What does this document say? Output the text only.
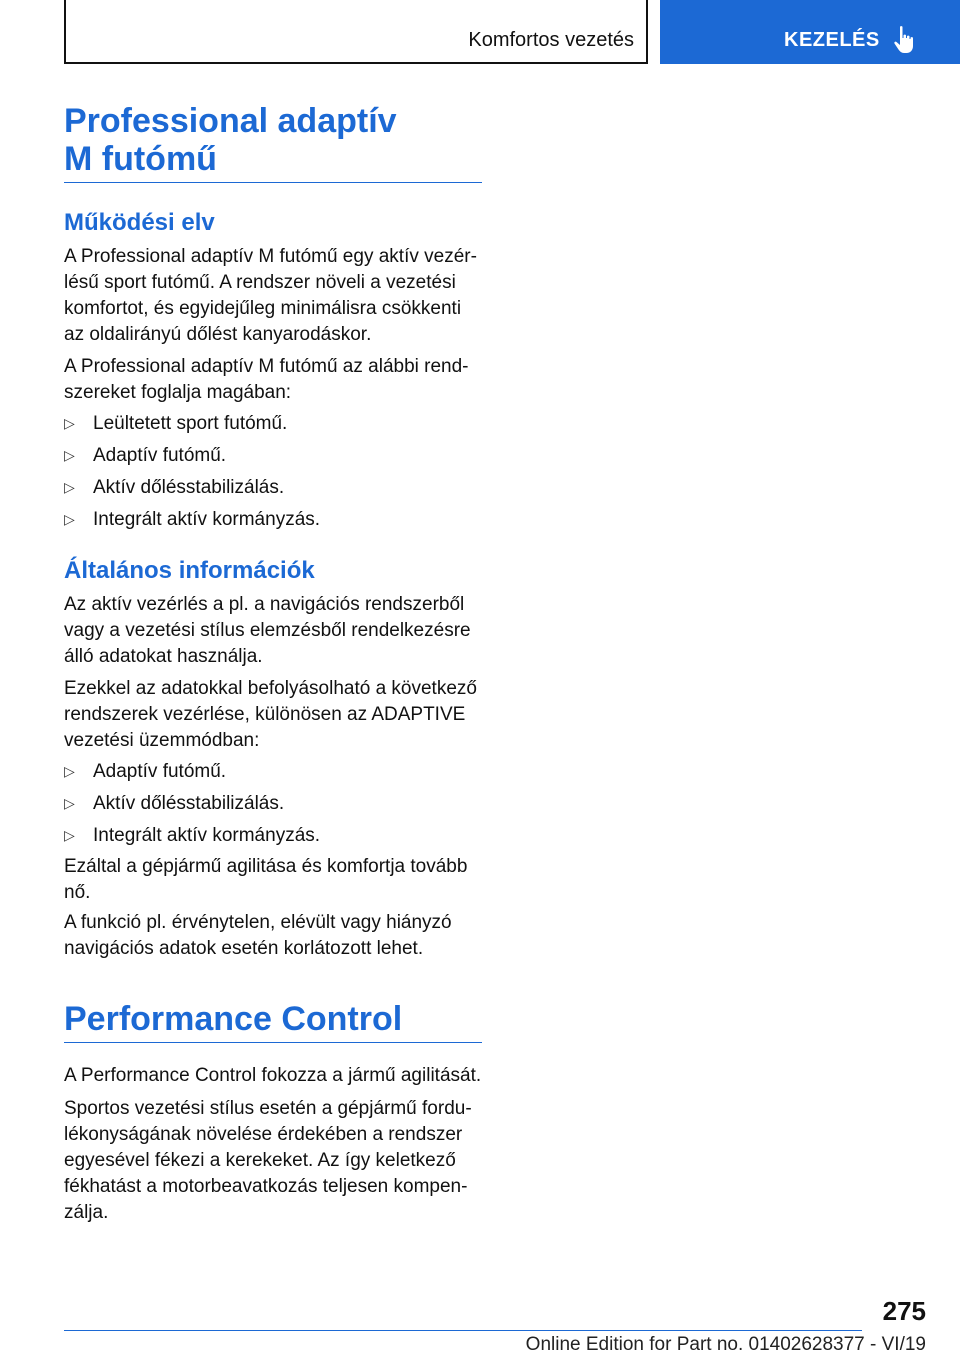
Komfortos vezetés	KEZELÉS
Professional adaptív
M futómű
Működési elv
A Professional adaptív M futómű egy aktív vezér-
lésű sport futómű. A rendszer növeli a vezetési
komfortot, és egyidejűleg minimálisra csökkenti
az oldalirányú dőlést kanyarodáskor.
A Professional adaptív M futómű az alábbi rend-
szereket foglalja magában:
▷ Leültetett sport futómű.
▷ Adaptív futómű.
▷ Aktív dőlésstabilizálás.
▷ Integrált aktív kormányzás.
Általános információk
Az aktív vezérlés a pl. a navigációs rendszerből
vagy a vezetési stílus elemzésből rendelkezésre
álló adatokat használja.
Ezekkel az adatokkal befolyásolható a következő
rendszerek vezérlése, különösen az ADAPTIVE
vezetési üzemmódban:
▷ Adaptív futómű.
▷ Aktív dőlésstabilizálás.
▷ Integrált aktív kormányzás.
Ezáltal a gépjármű agilitása és komfortja tovább
nő.
A funkció pl. érvénytelen, elévült vagy hiányzó
navigációs adatok esetén korlátozott lehet.
Performance Control
A Performance Control fokozza a jármű agilitását.
Sportos vezetési stílus esetén a gépjármű fordu-
lékonyságának növelése érdekében a rendszer
egyesével fékezi a kerekeket. Az így keletkező
fékhatást a motorbeavatkozás teljesen kompen-
zálja.
275
Online Edition for Part no. 01402628377 - VI/19
